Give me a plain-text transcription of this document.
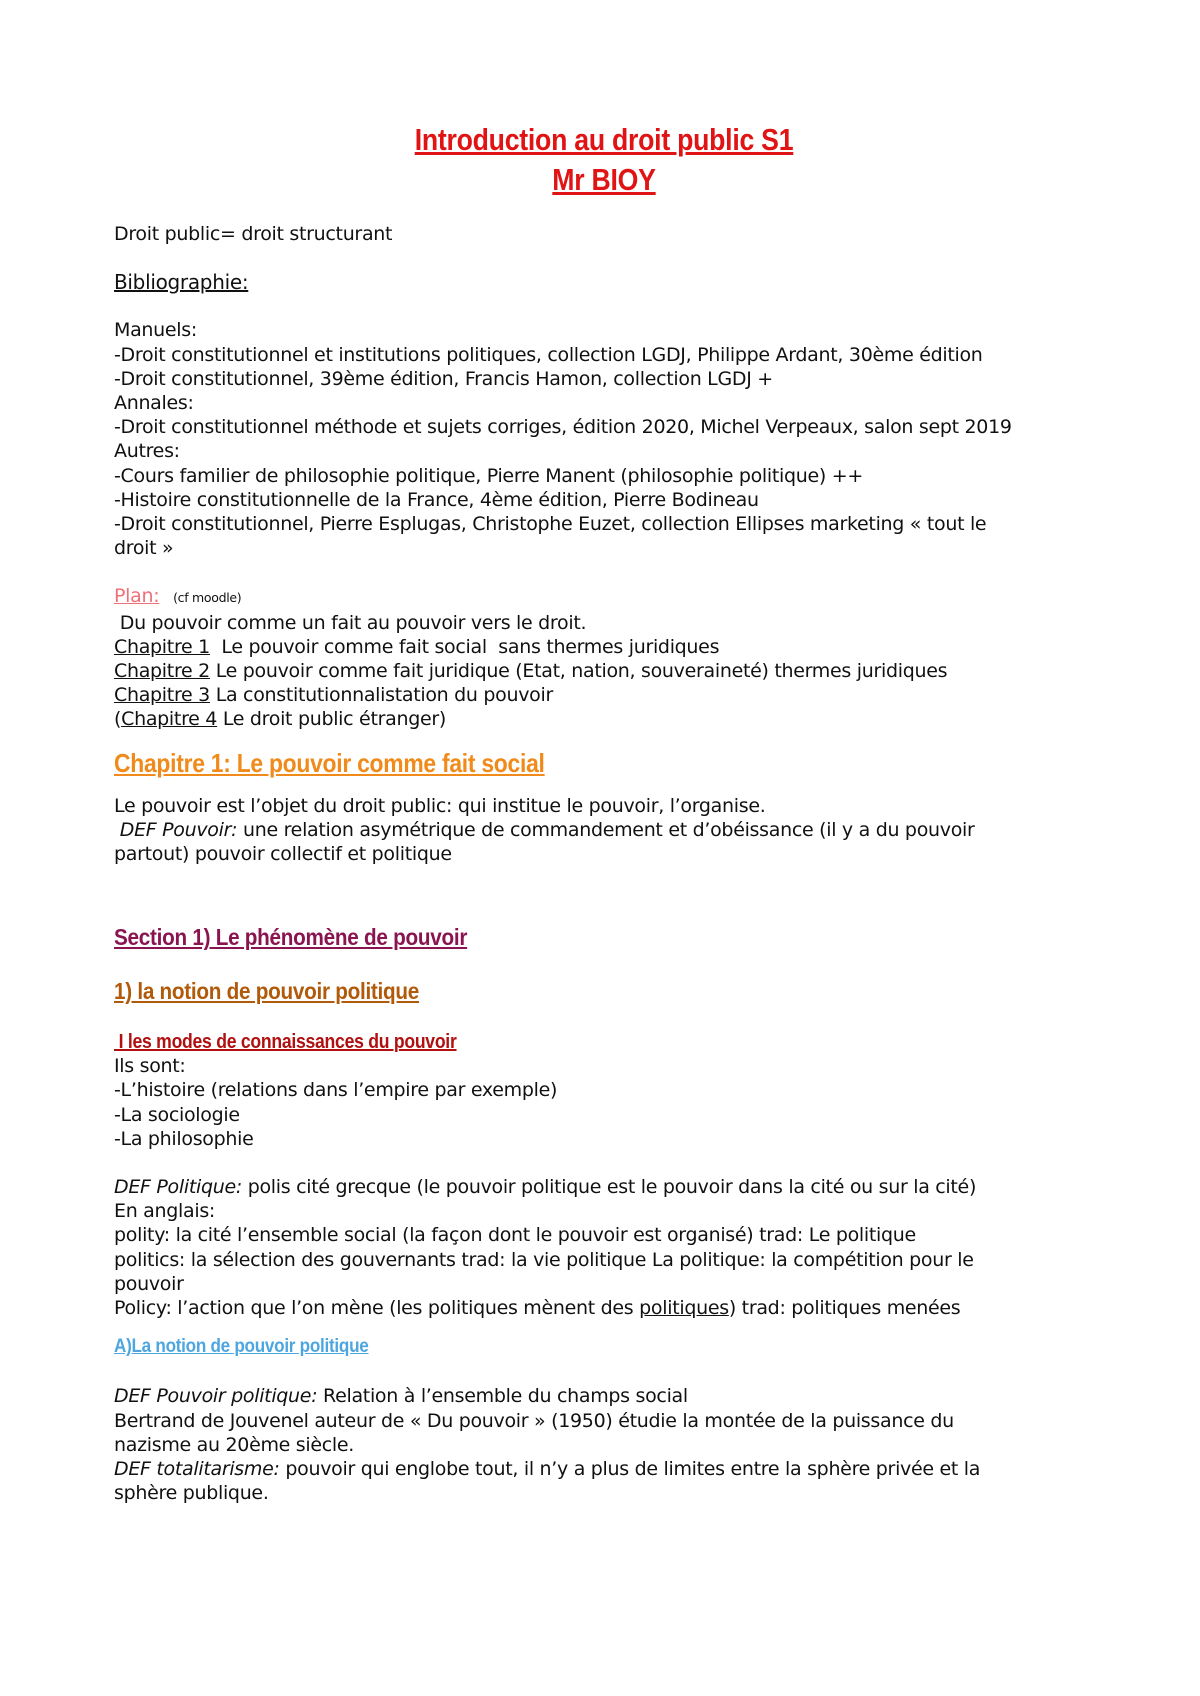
Introduction au droit public S1
Mr BIOY
Droit public= droit structurant
Bibliographie:
Manuels:
-Droit constitutionnel et institutions politiques, collection LGDJ, Philippe Ardant, 30ème édition
-Droit constitutionnel, 39ème édition, Francis Hamon, collection LGDJ +
Annales:
-Droit constitutionnel méthode et sujets corriges, édition 2020, Michel Verpeaux, salon sept 2019
Autres:
-Cours familier de philosophie politique, Pierre Manent (philosophie politique) ++
-Histoire constitutionnelle de la France, 4ème édition, Pierre Bodineau
-Droit constitutionnel, Pierre Esplugas, Christophe Euzet, collection Ellipses marketing « tout le
droit »
Plan: (cf moodle)
Du pouvoir comme un fait au pouvoir vers le droit.
Chapitre 1  Le pouvoir comme fait social  sans thermes juridiques
Chapitre 2 Le pouvoir comme fait juridique (Etat, nation, souveraineté) thermes juridiques
Chapitre 3 La constitutionnalistation du pouvoir
(Chapitre 4 Le droit public étranger)
Chapitre 1: Le pouvoir comme fait social
Le pouvoir est l’objet du droit public: qui institue le pouvoir, l’organise.
DEF Pouvoir: une relation asymétrique de commandement et d’obéissance (il y a du pouvoir
partout) pouvoir collectif et politique
Section 1) Le phénomène de pouvoir
1) la notion de pouvoir politique
I les modes de connaissances du pouvoir
Ils sont:
-L’histoire (relations dans l’empire par exemple)
-La sociologie
-La philosophie
DEF Politique: polis cité grecque (le pouvoir politique est le pouvoir dans la cité ou sur la cité)
En anglais:
polity: la cité l’ensemble social (la façon dont le pouvoir est organisé) trad: Le politique
politics: la sélection des gouvernants trad: la vie politique La politique: la compétition pour le
pouvoir
Policy: l’action que l’on mène (les politiques mènent des politiques) trad: politiques menées
A)La notion de pouvoir politique
DEF Pouvoir politique: Relation à l’ensemble du champs social
Bertrand de Jouvenel auteur de « Du pouvoir » (1950) étudie la montée de la puissance du
nazisme au 20ème siècle.
DEF totalitarisme: pouvoir qui englobe tout, il n’y a plus de limites entre la sphère privée et la
sphère publique.
